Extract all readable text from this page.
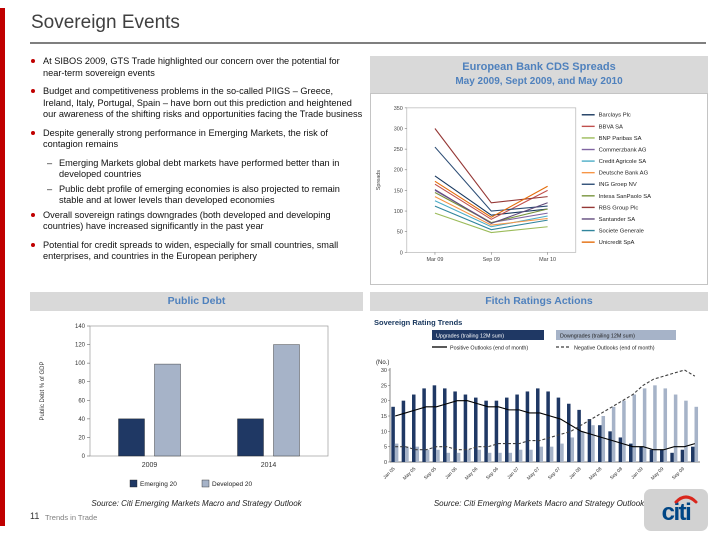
Sovereign Events
At SIBOS 2009, GTS Trade highlighted our concern over the potential for near-term sovereign events
Budget and competitiveness problems in the so-called PIIGS – Greece, Ireland, Italy, Portugal, Spain – have born out this prediction and heightened our awareness of the shifting risks and opportunities facing the Trade business
Despite generally strong performance in Emerging Markets, the risk of contagion remains
– Emerging Markets global debt markets have performed better than in developed countries
– Public debt profile of emerging economies is also projected to remain stable and at lower levels than developed economies
Overall sovereign ratings downgrades (both developed and developing countries) have increased significantly in the past year
Potential for credit spreads to widen, especially for small countries, small enterprises, and countries in the European periphery
European Bank CDS Spreads
May 2009, Sept 2009, and May 2010
0
50
100
150
200
250
300
350
Spreads
Mar 09	Sep 09	Mar 10
Barclays Plc
BBVA SA
BNP Paribas SA
Commerzbank AG
Credit Agricole SA
Deutsche Bank AG
ING Groep NV
Intesa SanPaolo SA
RBS Group Plc
Santander SA
Societe Generale
Unicredit SpA
Public Debt	Fitch Ratings Actions
0
20
40
60
80
100
120
140
Public Debt % of GDP
2009	2014
Emerging 20	Developed 20
Sovereign Rating Trends
Upgrades (trailing 12M sum)	Downgrades (trailing 12M sum)
Positive Outlooks (end of month)	Negative Outlooks (end of month)
(No.)
0
5
10
15
20
25
30
Jan 05 May 05 Sep 05 Jan 06 May 06 Sep 06 Jan 07 May 07 Sep 07 Jan 08 May 08 Sep 08 Jan 09 May 09 Sep 09
Source: Citi Emerging Markets Macro and Strategy Outlook	Source: Citi Emerging Markets Macro and Strategy Outlook
11 Trends in Trade	citi
